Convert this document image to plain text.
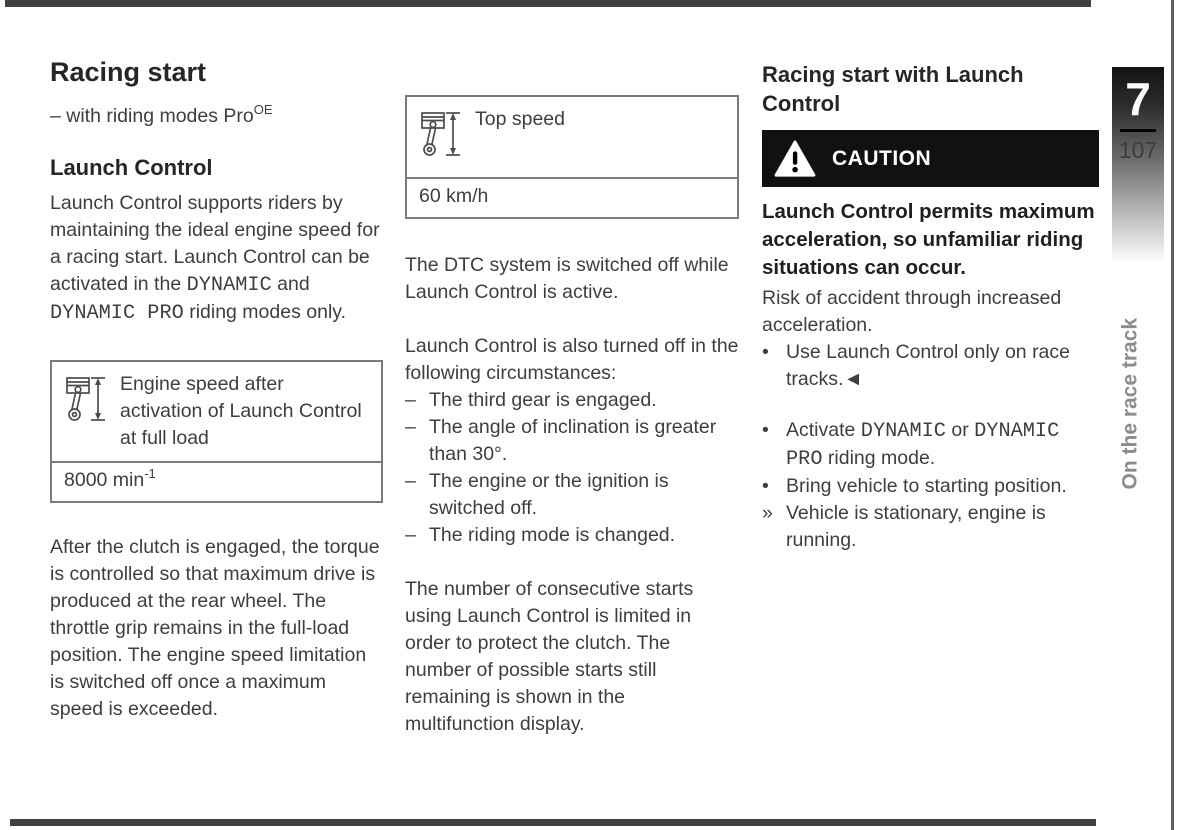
7
107
On the race track
Racing start

– with riding modes Pro$^{OE}$

Launch Control

Launch Control supports riders by maintaining the ideal engine speed for a racing start. Launch Control can be activated in the DYNAMIC and DYNAMIC PRO riding modes only.

Engine speed after activation of Launch Control at full load
8000 $\min^{-1}$

After the clutch is engaged, the torque is controlled so that maximum drive is produced at the rear wheel. The throttle grip remains in the full-load position. The engine speed limitation is switched off once a maximum speed is exceeded.

Top speed
60 km/h

The DTC system is switched off while Launch Control is active.

Launch Control is also turned off in the following circumstances:

– The third gear is engaged.
– The angle of inclination is greater than 30°.
– The engine or the ignition is switched off.
– The riding mode is changed.

The number of consecutive starts using Launch Control is limited in order to protect the clutch. The number of possible starts still remaining is shown in the multifunction display.

Racing start with Launch Control
CAUTION

Launch Control permits maximum acceleration, so unfamiliar riding situations can occur.

Risk of accident through increased acceleration.

• Use Launch Control only on race tracks.◄
• Activate DYNAMIC or DYNAMIC PRO riding mode.
• Bring vehicle to starting position.
» Vehicle is stationary, engine is running.
